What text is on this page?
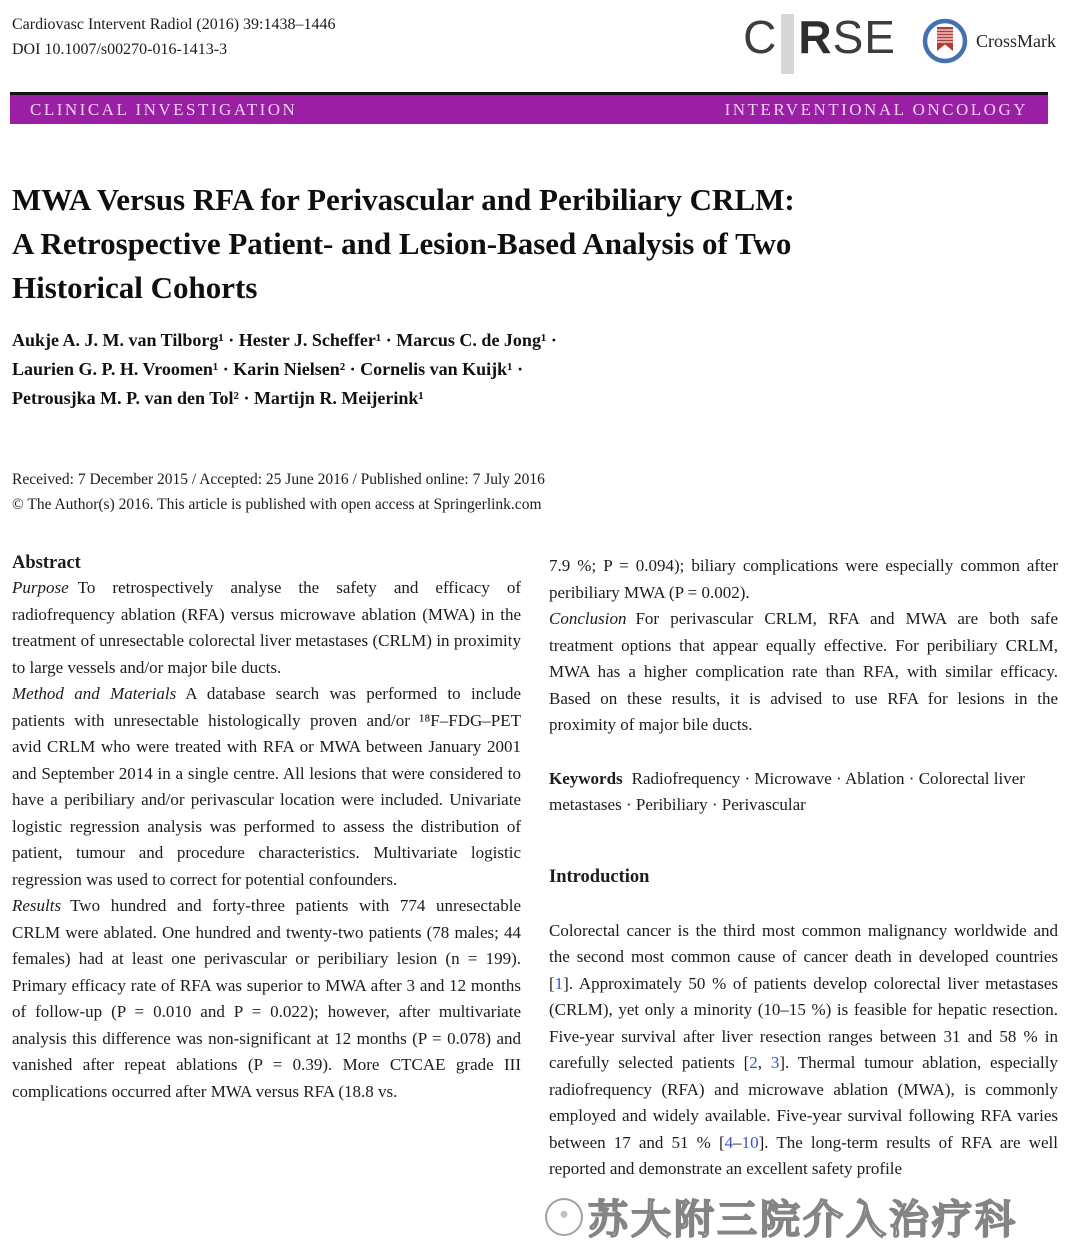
Cardiovasc Intervent Radiol (2016) 39:1438–1446
DOI 10.1007/s00270-016-1413-3	C R SE	CrossMark
CLINICAL INVESTIGATION	INTERVENTIONAL ONCOLOGY
MWA Versus RFA for Perivascular and Peribiliary CRLM:
A Retrospective Patient- and Lesion-Based Analysis of Two
Historical Cohorts
Aukje A. J. M. van Tilborg¹ · Hester J. Scheffer¹ · Marcus C. de Jong¹ ·
Laurien G. P. H. Vroomen¹ · Karin Nielsen² · Cornelis van Kuijk¹ ·
Petrousjka M. P. van den Tol² · Martijn R. Meijerink¹
Received: 7 December 2015 / Accepted: 25 June 2016 / Published online: 7 July 2016
© The Author(s) 2016. This article is published with open access at Springerlink.com
Abstract

Purpose To retrospectively analyse the safety and efficacy of radiofrequency ablation (RFA) versus microwave ablation (MWA) in the treatment of unresectable colorectal liver metastases (CRLM) in proximity to large vessels and/or major bile ducts.

Method and Materials A database search was performed to include patients with unresectable histologically proven and/or ¹⁸F–FDG–PET avid CRLM who were treated with RFA or MWA between January 2001 and September 2014 in a single centre. All lesions that were considered to have a peribiliary and/or perivascular location were included. Univariate logistic regression analysis was performed to assess the distribution of patient, tumour and procedure characteristics. Multivariate logistic regression was used to correct for potential confounders.

Results Two hundred and forty-three patients with 774 unresectable CRLM were ablated. One hundred and twenty-two patients (78 males; 44 females) had at least one perivascular or peribiliary lesion (n = 199). Primary efficacy rate of RFA was superior to MWA after 3 and 12 months of follow-up (P = 0.010 and P = 0.022); however, after multivariate analysis this difference was non-significant at 12 months (P = 0.078) and vanished after repeat ablations (P = 0.39). More CTCAE grade III complications occurred after MWA versus RFA (18.8 vs.

7.9 %; P = 0.094); biliary complications were especially common after peribiliary MWA (P = 0.002).

Conclusion For perivascular CRLM, RFA and MWA are both safe treatment options that appear equally effective. For peribiliary CRLM, MWA has a higher complication rate than RFA, with similar efficacy. Based on these results, it is advised to use RFA for lesions in the proximity of major bile ducts.

Keywords Radiofrequency · Microwave · Ablation · Colorectal liver metastases · Peribiliary · Perivascular

Introduction

Colorectal cancer is the third most common malignancy worldwide and the second most common cause of cancer death in developed countries [1]. Approximately 50 % of patients develop colorectal liver metastases (CRLM), yet only a minority (10–15 %) is feasible for hepatic resection. Five-year survival after liver resection ranges between 31 and 58 % in carefully selected patients [2, 3]. Thermal tumour ablation, especially radiofrequency (RFA) and microwave ablation (MWA), is commonly employed and widely available. Five-year survival following RFA varies between 17 and 51 % [4–10]. The long-term results of RFA are well reported and demonstrate an excellent safety profile

苏大附三院介入治疗科
